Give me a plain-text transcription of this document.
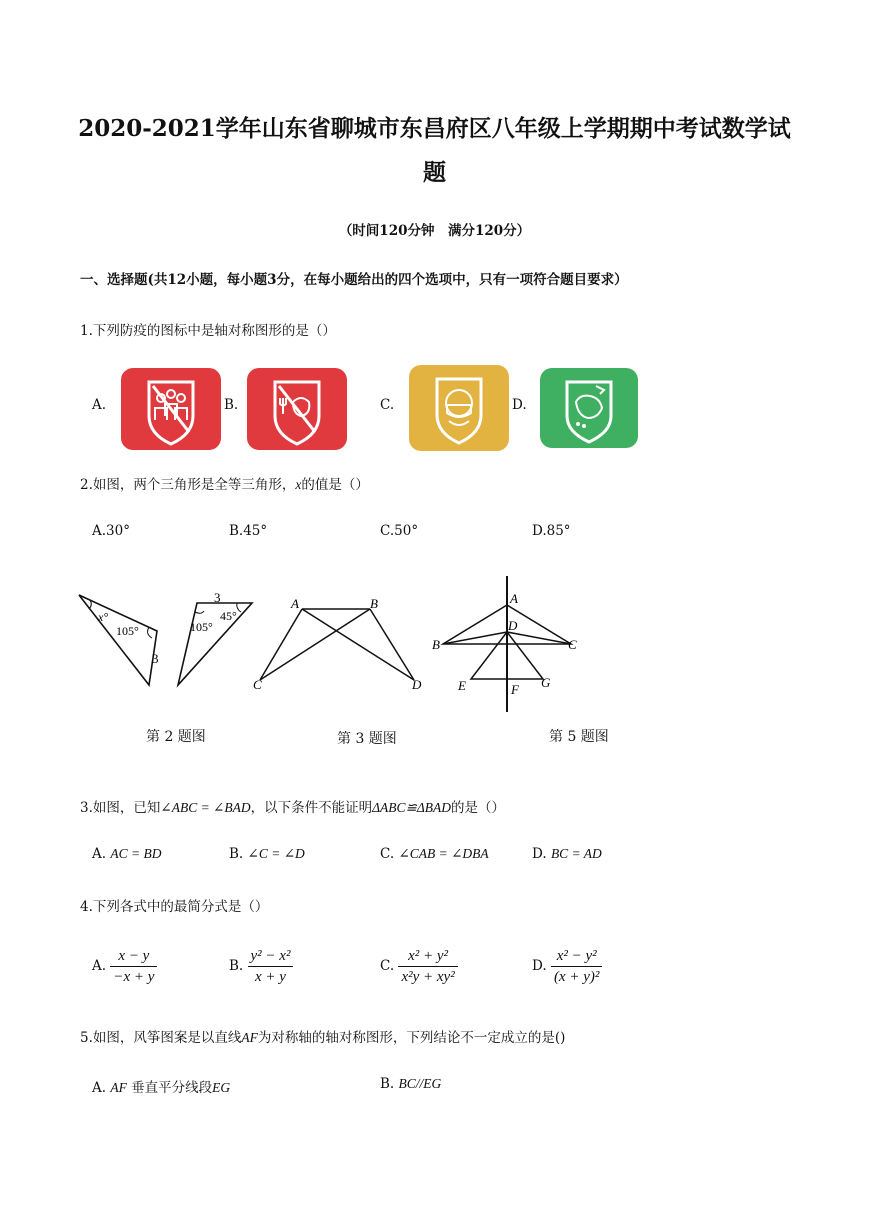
2020-2021学年山东省聊城市东昌府区八年级上学期期中考试数学试
题
（时间120分钟　满分120分）
一、选择题(共12小题，每小题3分，在每小题给出的四个选项中，只有一项符合题目要求）
1.下列防疫的图标中是轴对称图形的是（）
A.	B.	C.	D.
2.如图，两个三角形是全等三角形，x的值是（）
A.30°	B.45°	C.50°	D.85°
x°
105°
3
3
105°
45°
第 2 题图
A	B
C	D
第 3 题图
A
B	C
D
E	F G
第 5 题图
3.如图，已知∠ABC = ∠BAD，以下条件不能证明ΔABC≌ΔBAD的是（）
A. AC = BD	B. ∠C = ∠D	C. ∠CAB = ∠DBA	D. BC = AD
4.下列各式中的最简分式是（）
A. $\frac{x - y}{-x + y}$	B. $\frac{\text{y² − x²}}{x + y}$	C. $\frac{\text{x² + y²}}{\text{x²y + xy²}}$	D. $\frac{\text{x² − y²}}{\text{(x + y)²}}$
5.如图，风筝图案是以直线AF为对称轴的轴对称图形，下列结论不一定成立的是()
A. AF 垂直平分线段EG	B. BC//EG
